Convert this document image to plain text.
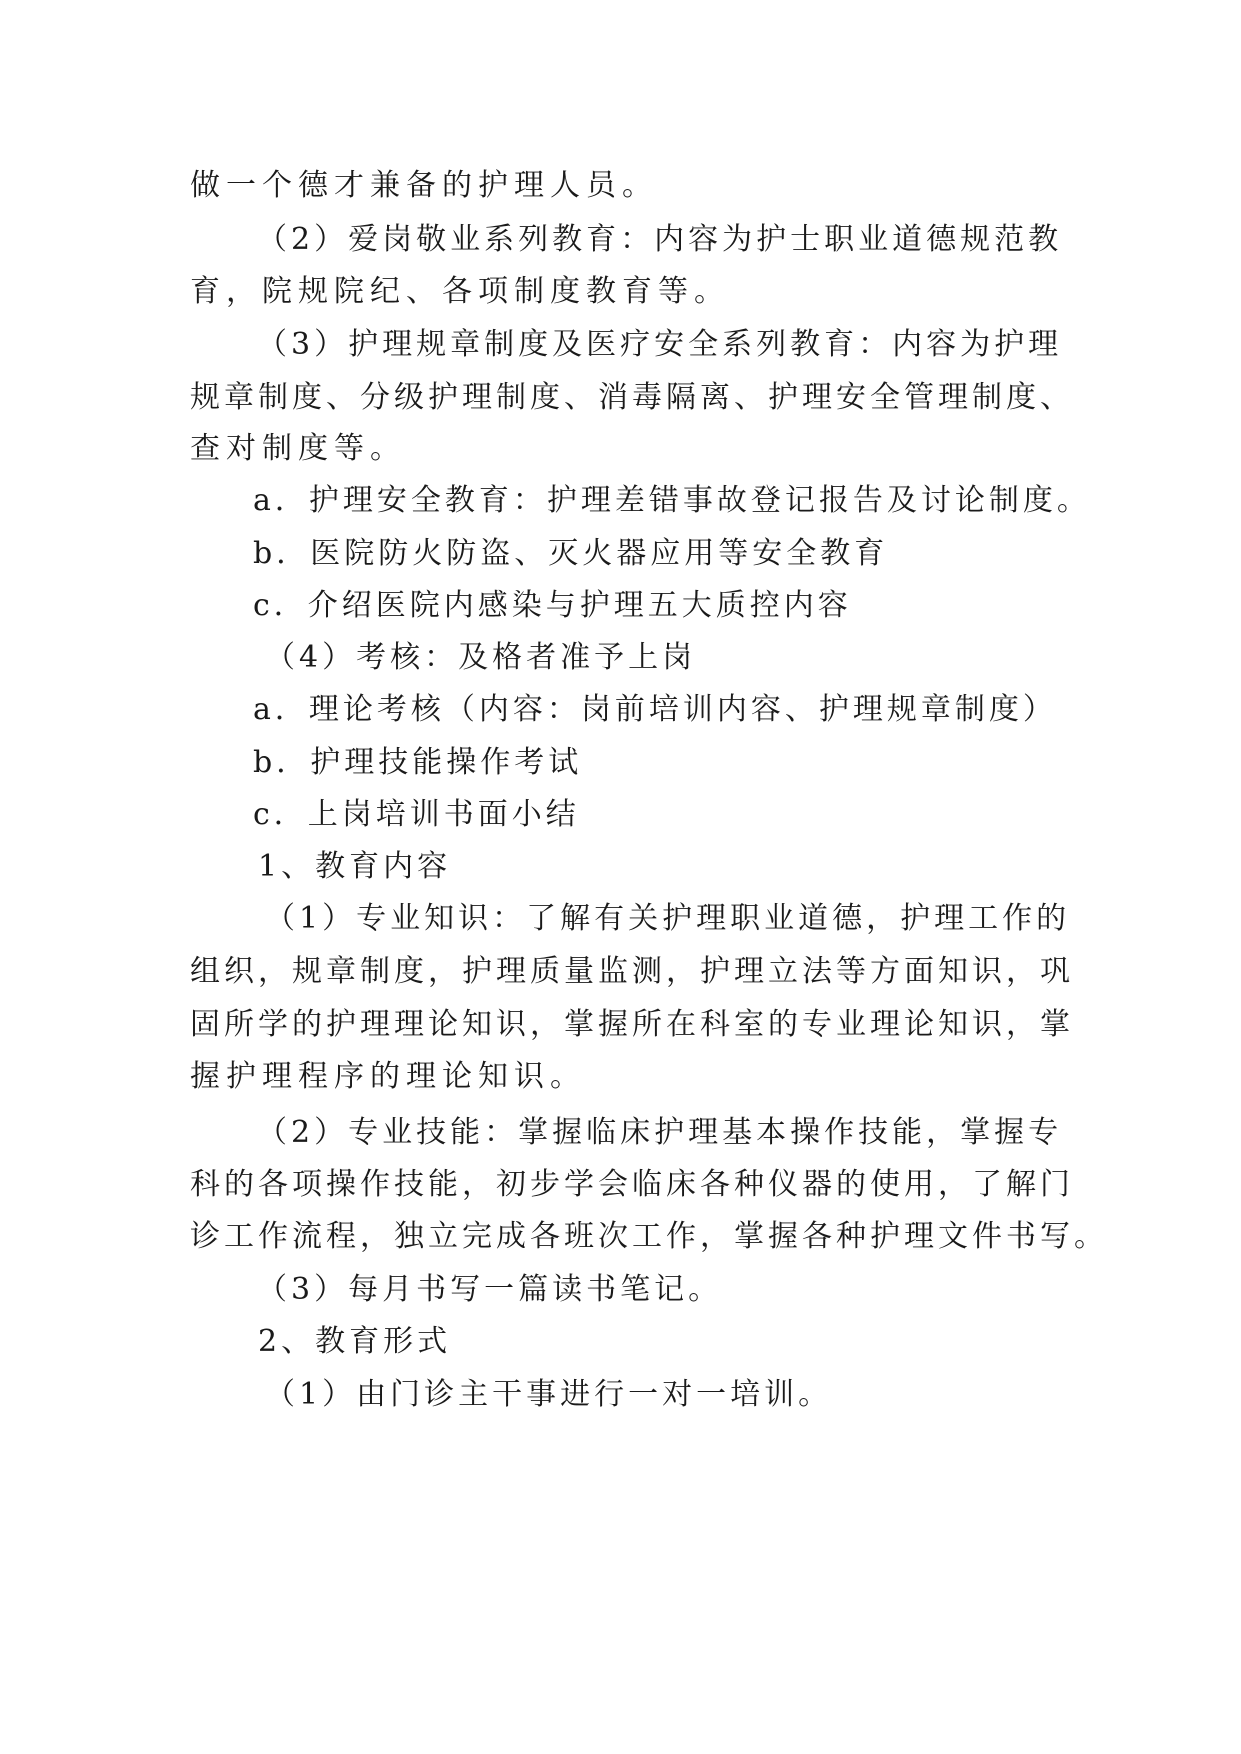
做一个德才兼备的护理人员。
（2）爱岗敬业系列教育：内容为护士职业道德规范教
育，院规院纪、各项制度教育等。
（3）护理规章制度及医疗安全系列教育：内容为护理
规章制度、分级护理制度、消毒隔离、护理安全管理制度、
查对制度等。
a．护理安全教育：护理差错事故登记报告及讨论制度。
b．医院防火防盗、灭火器应用等安全教育
c．介绍医院内感染与护理五大质控内容
（4）考核：及格者准予上岗
a．理论考核（内容：岗前培训内容、护理规章制度）
b．护理技能操作考试
c．上岗培训书面小结
1、教育内容
（1）专业知识：了解有关护理职业道德，护理工作的
组织，规章制度，护理质量监测，护理立法等方面知识，巩
固所学的护理理论知识，掌握所在科室的专业理论知识，掌
握护理程序的理论知识。
（2）专业技能：掌握临床护理基本操作技能，掌握专
科的各项操作技能，初步学会临床各种仪器的使用，了解门
诊工作流程，独立完成各班次工作，掌握各种护理文件书写。
（3）每月书写一篇读书笔记。
2、教育形式
（1）由门诊主干事进行一对一培训。
